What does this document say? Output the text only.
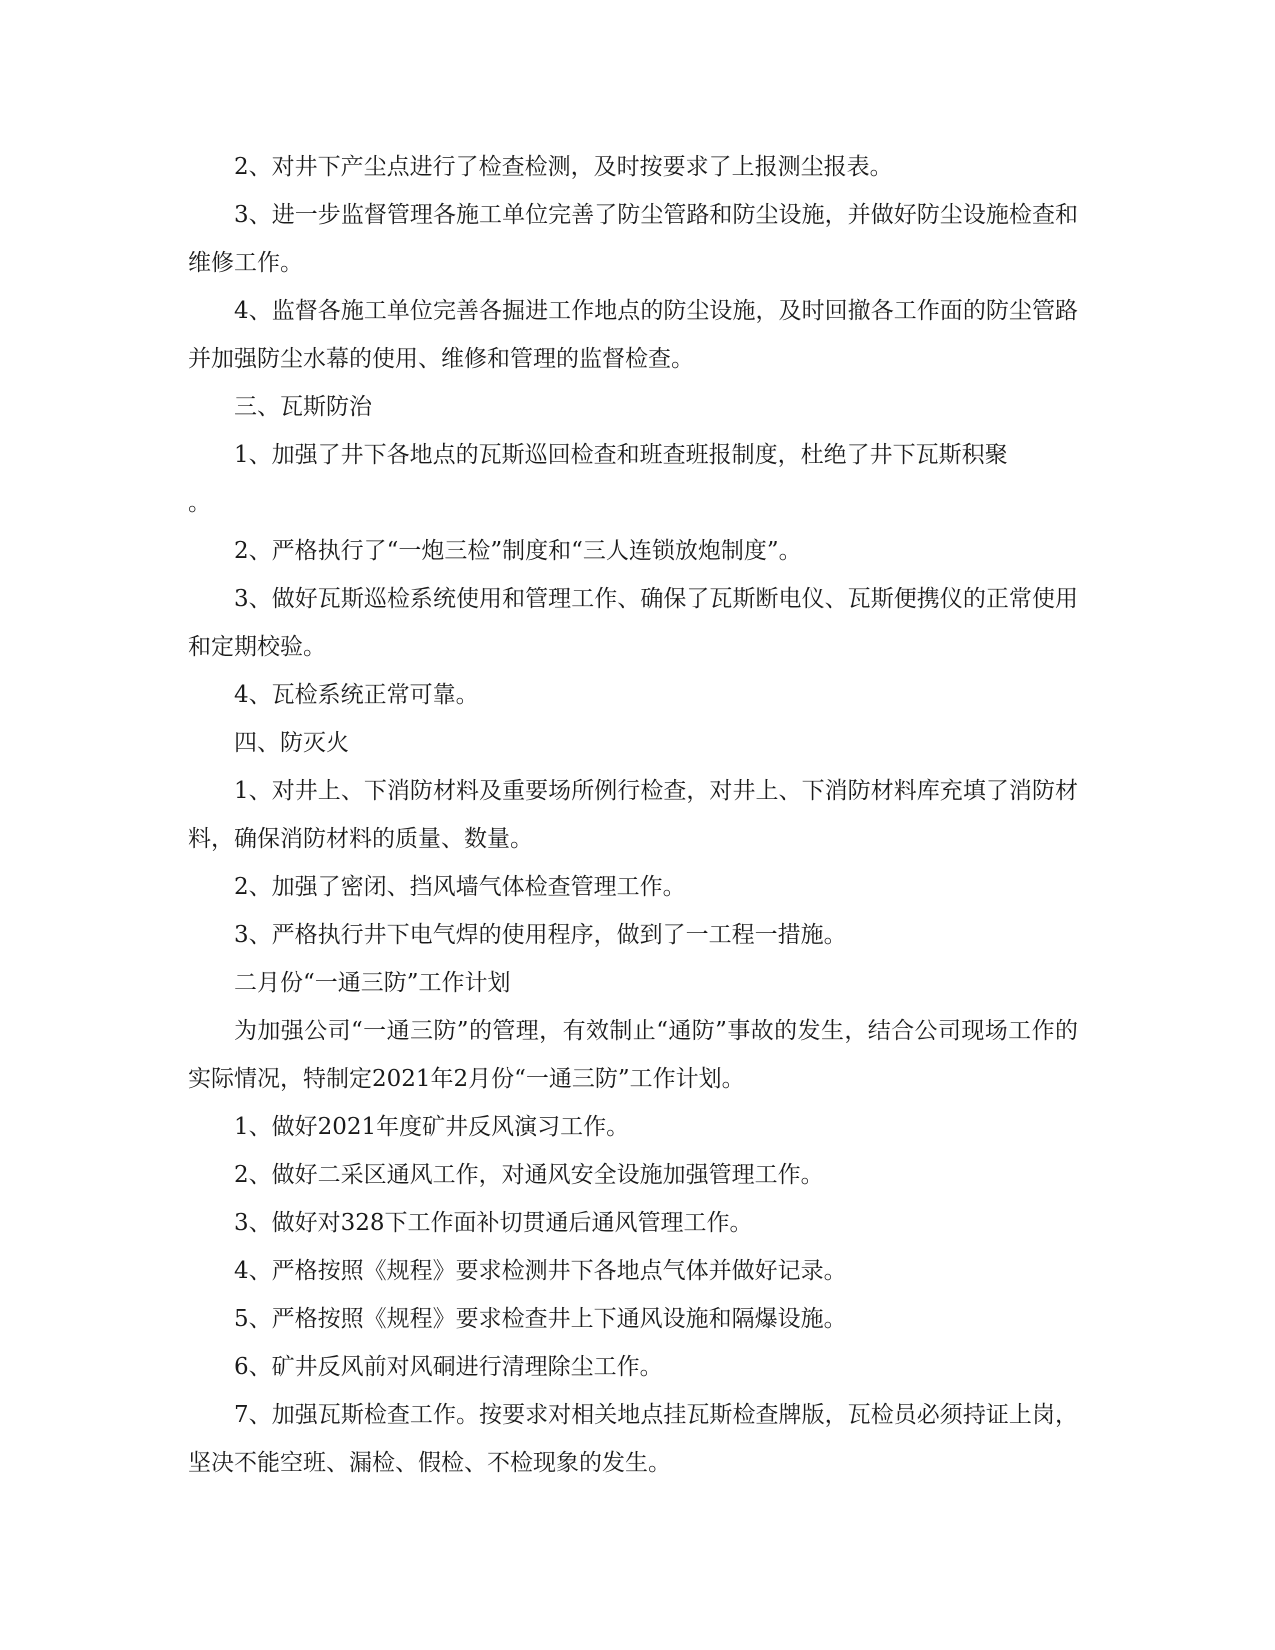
2、对井下产尘点进行了检查检测，及时按要求了上报测尘报表。

3、进一步监督管理各施工单位完善了防尘管路和防尘设施，并做好防尘设施检查和维修工作。

4、监督各施工单位完善各掘进工作地点的防尘设施，及时回撤各工作面的防尘管路并加强防尘水幕的使用、维修和管理的监督检查。

三、瓦斯防治

1、加强了井下各地点的瓦斯巡回检查和班查班报制度，杜绝了井下瓦斯积聚

。

2、严格执行了“一炮三检”制度和“三人连锁放炮制度”。

3、做好瓦斯巡检系统使用和管理工作、确保了瓦斯断电仪、瓦斯便携仪的正常使用和定期校验。

4、瓦检系统正常可靠。

四、防灭火

1、对井上、下消防材料及重要场所例行检查，对井上、下消防材料库充填了消防材料，确保消防材料的质量、数量。

2、加强了密闭、挡风墙气体检查管理工作。

3、严格执行井下电气焊的使用程序，做到了一工程一措施。

二月份“一通三防”工作计划

为加强公司“一通三防”的管理，有效制止“通防”事故的发生，结合公司现场工作的实际情况，特制定2021年2月份“一通三防”工作计划。

1、做好2021年度矿井反风演习工作。

2、做好二采区通风工作，对通风安全设施加强管理工作。

3、做好对328下工作面补切贯通后通风管理工作。

4、严格按照《规程》要求检测井下各地点气体并做好记录。

5、严格按照《规程》要求检查井上下通风设施和隔爆设施。

6、矿井反风前对风硐进行清理除尘工作。

7、加强瓦斯检查工作。按要求对相关地点挂瓦斯检查牌版，瓦检员必须持证上岗，坚决不能空班、漏检、假检、不检现象的发生。
